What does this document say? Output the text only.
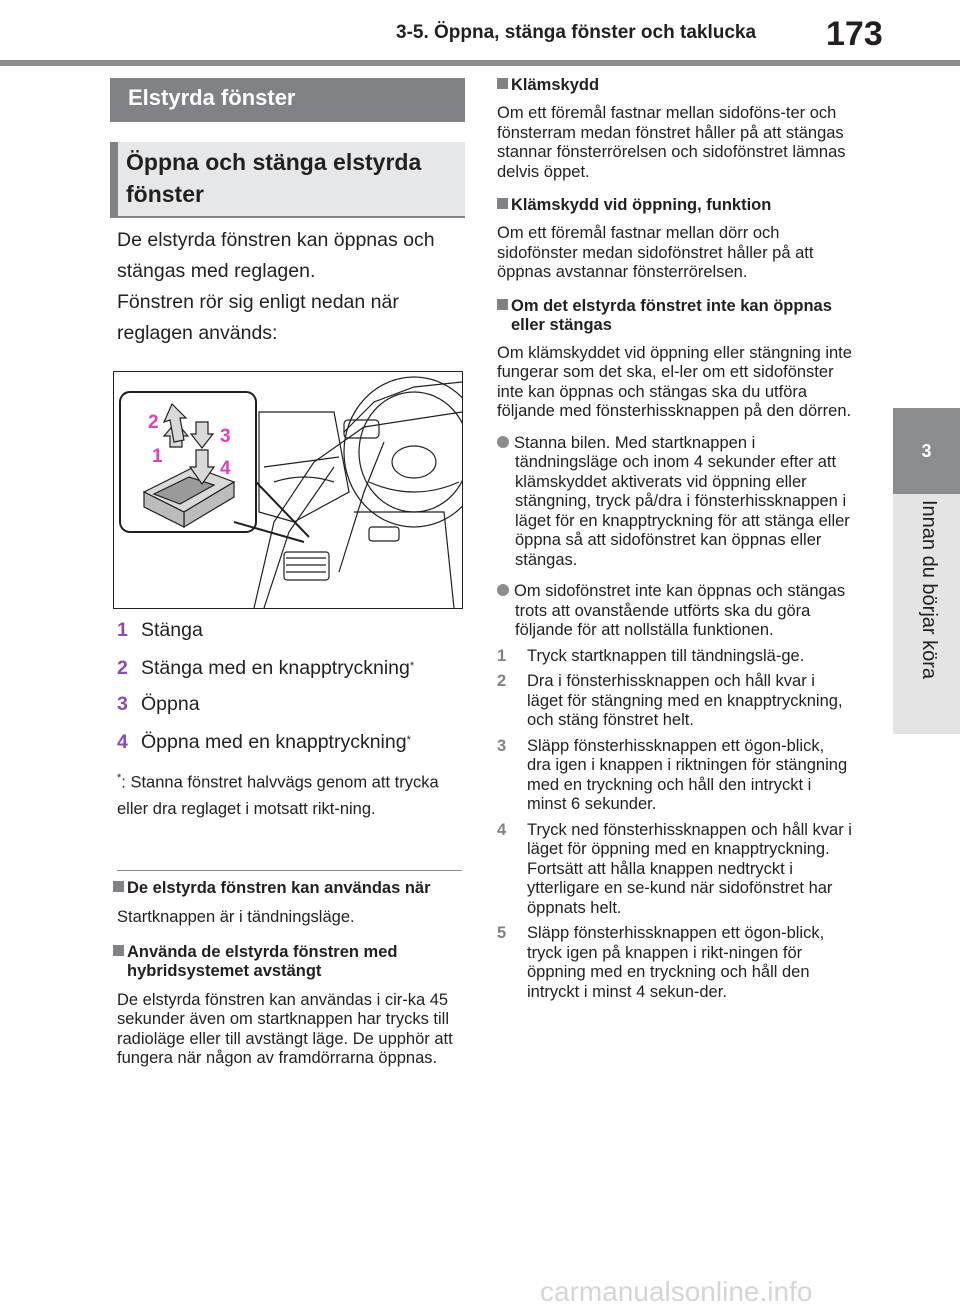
3-5. Öppna, stänga fönster och taklucka 173
3
Innan du börjar köra
Elstyrda fönster
Öppna och stänga elstyrda fönster
De elstyrda fönstren kan öppnas och stängas med reglagen.
Fönstren rör sig enligt nedan när reglagen används:
2
1
3
4
1 Stänga
2 Stänga med en knapptryckning*
3 Öppna
4 Öppna med en knapptryckning*
*: Stanna fönstret halvvägs genom att trycka eller dra reglaget i motsatt rikt-ning.
De elstyrda fönstren kan användas när
Startknappen är i tändningsläge.
Använda de elstyrda fönstren med hybridsystemet avstängt
De elstyrda fönstren kan användas i cir-ka 45 sekunder även om startknappen har trycks till radioläge eller till avstängt läge. De upphör att fungera när någon av framdörrarna öppnas.
Klämskydd
Om ett föremål fastnar mellan sidoföns-ter och fönsterram medan fönstret håller på att stängas stannar fönsterrörelsen och sidofönstret lämnas delvis öppet.
Klämskydd vid öppning, funktion
Om ett föremål fastnar mellan dörr och sidofönster medan sidofönstret håller på att öppnas avstannar fönsterrörelsen.
Om det elstyrda fönstret inte kan öppnas eller stängas
Om klämskyddet vid öppning eller stängning inte fungerar som det ska, el-ler om ett sidofönster inte kan öppnas och stängas ska du utföra följande med fönsterhissknappen på den dörren.
Stanna bilen. Med startknappen i tändningsläge och inom 4 sekunder efter att klämskyddet aktiverats vid öppning eller stängning, tryck på/dra i fönsterhissknappen i läget för en knapptryckning för att stänga eller öppna så att sidofönstret kan öppnas eller stängas.
Om sidofönstret inte kan öppnas och stängas trots att ovanstående utförts ska du göra följande för att nollställa funktionen.
1 Tryck startknappen till tändningslä-ge.
2 Dra i fönsterhissknappen och håll kvar i läget för stängning med en knapptryckning, och stäng fönstret helt.
3 Släpp fönsterhissknappen ett ögon-blick, dra igen i knappen i riktningen för stängning med en tryckning och håll den intryckt i minst 6 sekunder.
4 Tryck ned fönsterhissknappen och håll kvar i läget för öppning med en knapptryckning. Fortsätt att hålla knappen nedtryckt i ytterligare en se-kund när sidofönstret har öppnats helt.
5 Släpp fönsterhissknappen ett ögon-blick, tryck igen på knappen i rikt-ningen för öppning med en tryckning och håll den intryckt i minst 4 sekun-der.
carmanualsonline.info
